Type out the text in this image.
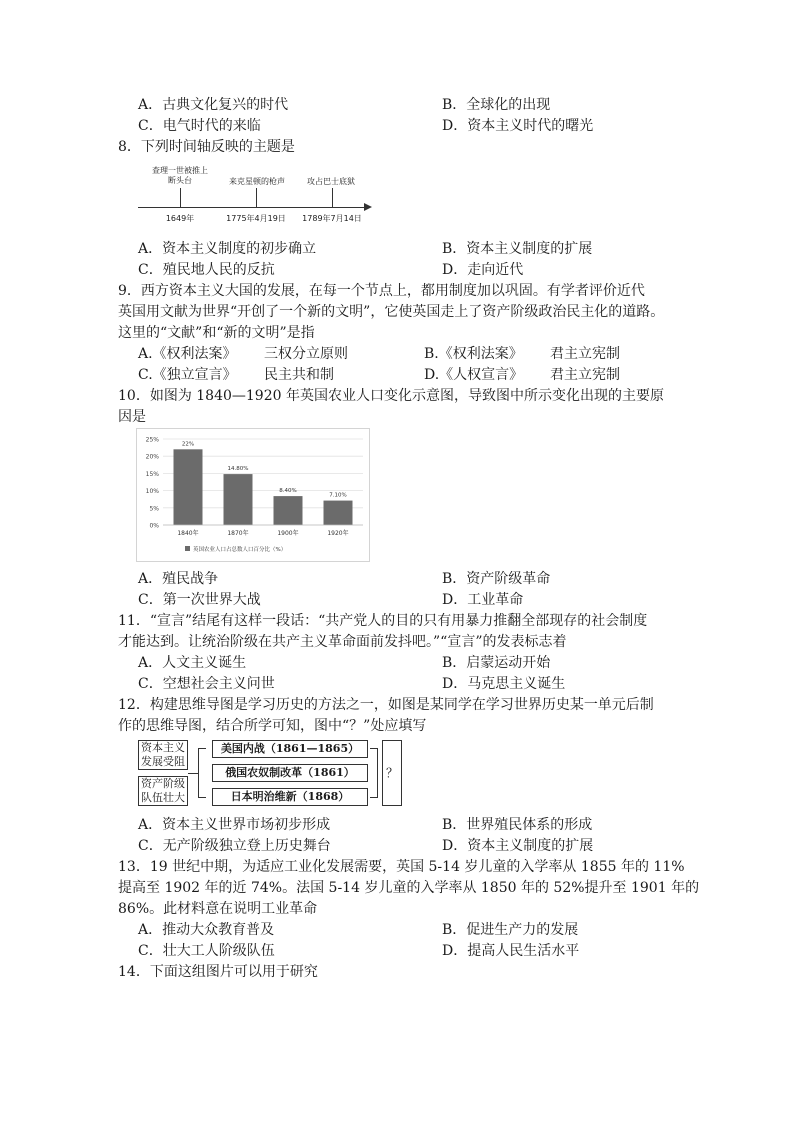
A．古典文化复兴的时代	B．全球化的出现
C．电气时代的来临	D．资本主义时代的曙光
8．下列时间轴反映的主题是
查理一世被推上断头台	来克星顿的枪声	攻占巴士底狱
1649年	1775年4月19日	1789年7月14日
A．资本主义制度的初步确立	B．资本主义制度的扩展
C．殖民地人民的反抗	D．走向近代
9．西方资本主义大国的发展，在每一个节点上，都用制度加以巩固。有学者评价近代
英国用文献为世界“开创了一个新的文明”，它使英国走上了资产阶级政治民主化的道路。
这里的“文献”和“新的文明”是指
A.《权利法案》 三权分立原则	B.《权利法案》 君主立宪制
C.《独立宣言》 民主共和制	D.《人权宣言》 君主立宪制
10．如图为 1840—1920 年英国农业人口变化示意图，导致图中所示变化出现的主要原
因是
25%
20%
15%
10%
5%
0%
22%
1840年
14.80%
1870年
8.40%
1900年
7.10%
1920年
英国农业人口占总数人口百分比（%）
A．殖民战争	B．资产阶级革命
C．第一次世界大战	D．工业革命
11．“宣言”结尾有这样一段话：“共产党人的目的只有用暴力推翻全部现存的社会制度
才能达到。让统治阶级在共产主义革命面前发抖吧。”“宣言”的发表标志着
A．人文主义诞生	B．启蒙运动开始
C．空想社会主义问世	D．马克思主义诞生
12．构建思维导图是学习历史的方法之一，如图是某同学在学习世界历史某一单元后制
作的思维导图，结合所学可知，图中“？”处应填写
资本主义发展受阻
资产阶级队伍壮大
美国内战（1861—1865）
俄国农奴制改革（1861）
日本明治维新（1868）
？
A．资本主义世界市场初步形成	B．世界殖民体系的形成
C．无产阶级独立登上历史舞台	D．资本主义制度的扩展
13．19 世纪中期，为适应工业化发展需要，英国 5-14 岁儿童的入学率从 1855 年的 11%
提高至 1902 年的近 74%。法国 5-14 岁儿童的入学率从 1850 年的 52%提升至 1901 年的
86%。此材料意在说明工业革命
A．推动大众教育普及	B．促进生产力的发展
C．壮大工人阶级队伍	D．提高人民生活水平
14．下面这组图片可以用于研究
